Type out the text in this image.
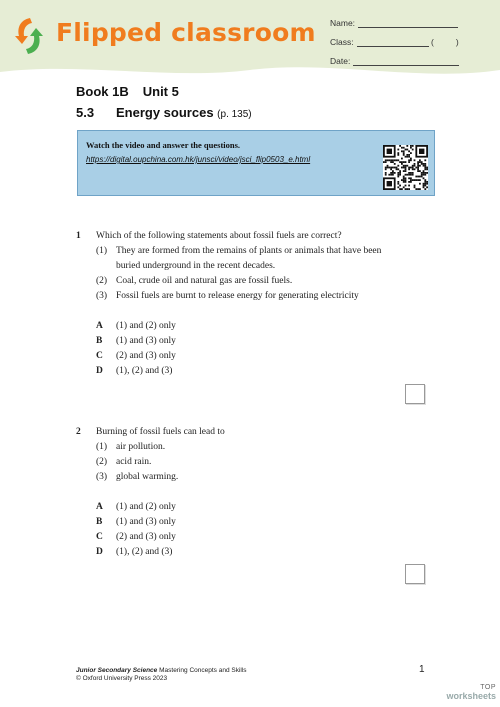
Flipped classroom Name:
Class:	(	)
Date:
Book 1B Unit 5
5.3 Energy sources (p. 135)
Watch the video and answer the questions.
https://digital.oupchina.com.hk/junsci/video/jsci_flip0503_e.html
1 Which of the following statements about fossil fuels are correct?
(1) They are formed from the remains of plants or animals that have been
buried underground in the recent decades.
(2) Coal, crude oil and natural gas are fossil fuels.
(3) Fossil fuels are burnt to release energy for generating electricity
A (1) and (2) only
B (1) and (3) only
C (2) and (3) only
D (1), (2) and (3)
2 Burning of fossil fuels can lead to
(1) air pollution.
(2) acid rain.
(3) global warming.
A (1) and (2) only
B (1) and (3) only
C (2) and (3) only
D (1), (2) and (3)
Junior Secondary Science Mastering Concepts and Skills
© Oxford University Press 2023
1
TOP
worksheets
